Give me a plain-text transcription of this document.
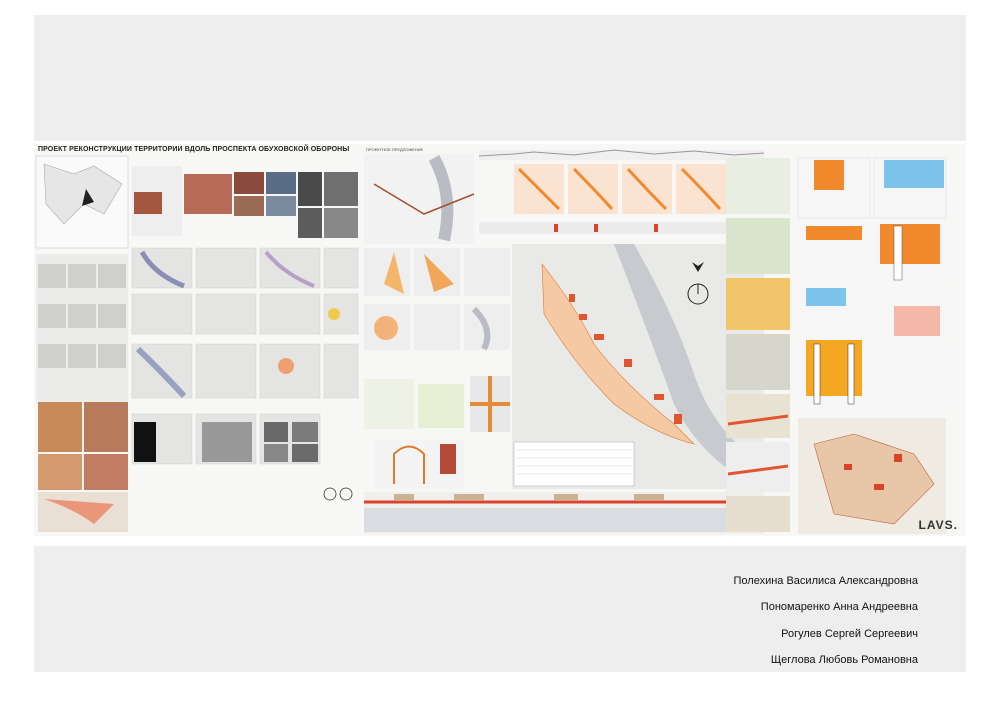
ПРОЕКТ РЕКОНСТРУКЦИИ ТЕРРИТОРИИ ВДОЛЬ ПРОСПЕКТА ОБУХОВСКОЙ ОБОРОНЫ	ПРОЕКТНОЕ ПРЕДЛОЖЕНИЕ
LAVS.
Полехина Василиса Александровна
Пономаренко Анна Андреевна
Рогулев Сергей Сергеевич
Щеглова Любовь Романовна
